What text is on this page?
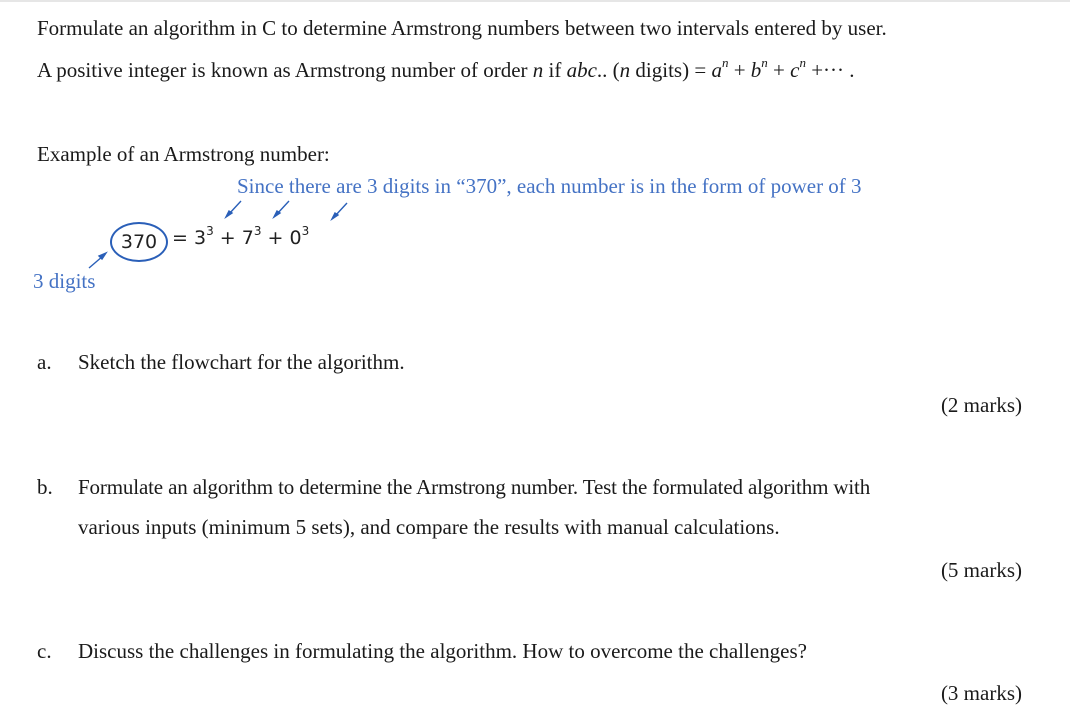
Formulate an algorithm in C to determine Armstrong numbers between two intervals entered by user.
A positive integer is known as Armstrong number of order n if abc.. (n digits) = $a^n + b^n + c^n$ +··· .
Example of an Armstrong number:
Since there are 3 digits in “370”, each number is in the form of power of 3
$370 = 3^3 + 7^3 + 0^3$
3 digits
a. Sketch the flowchart for the algorithm.
(2 marks)
b. Formulate an algorithm to determine the Armstrong number. Test the formulated algorithm with
various inputs (minimum 5 sets), and compare the results with manual calculations.
(5 marks)
c. Discuss the challenges in formulating the algorithm. How to overcome the challenges?
(3 marks)
